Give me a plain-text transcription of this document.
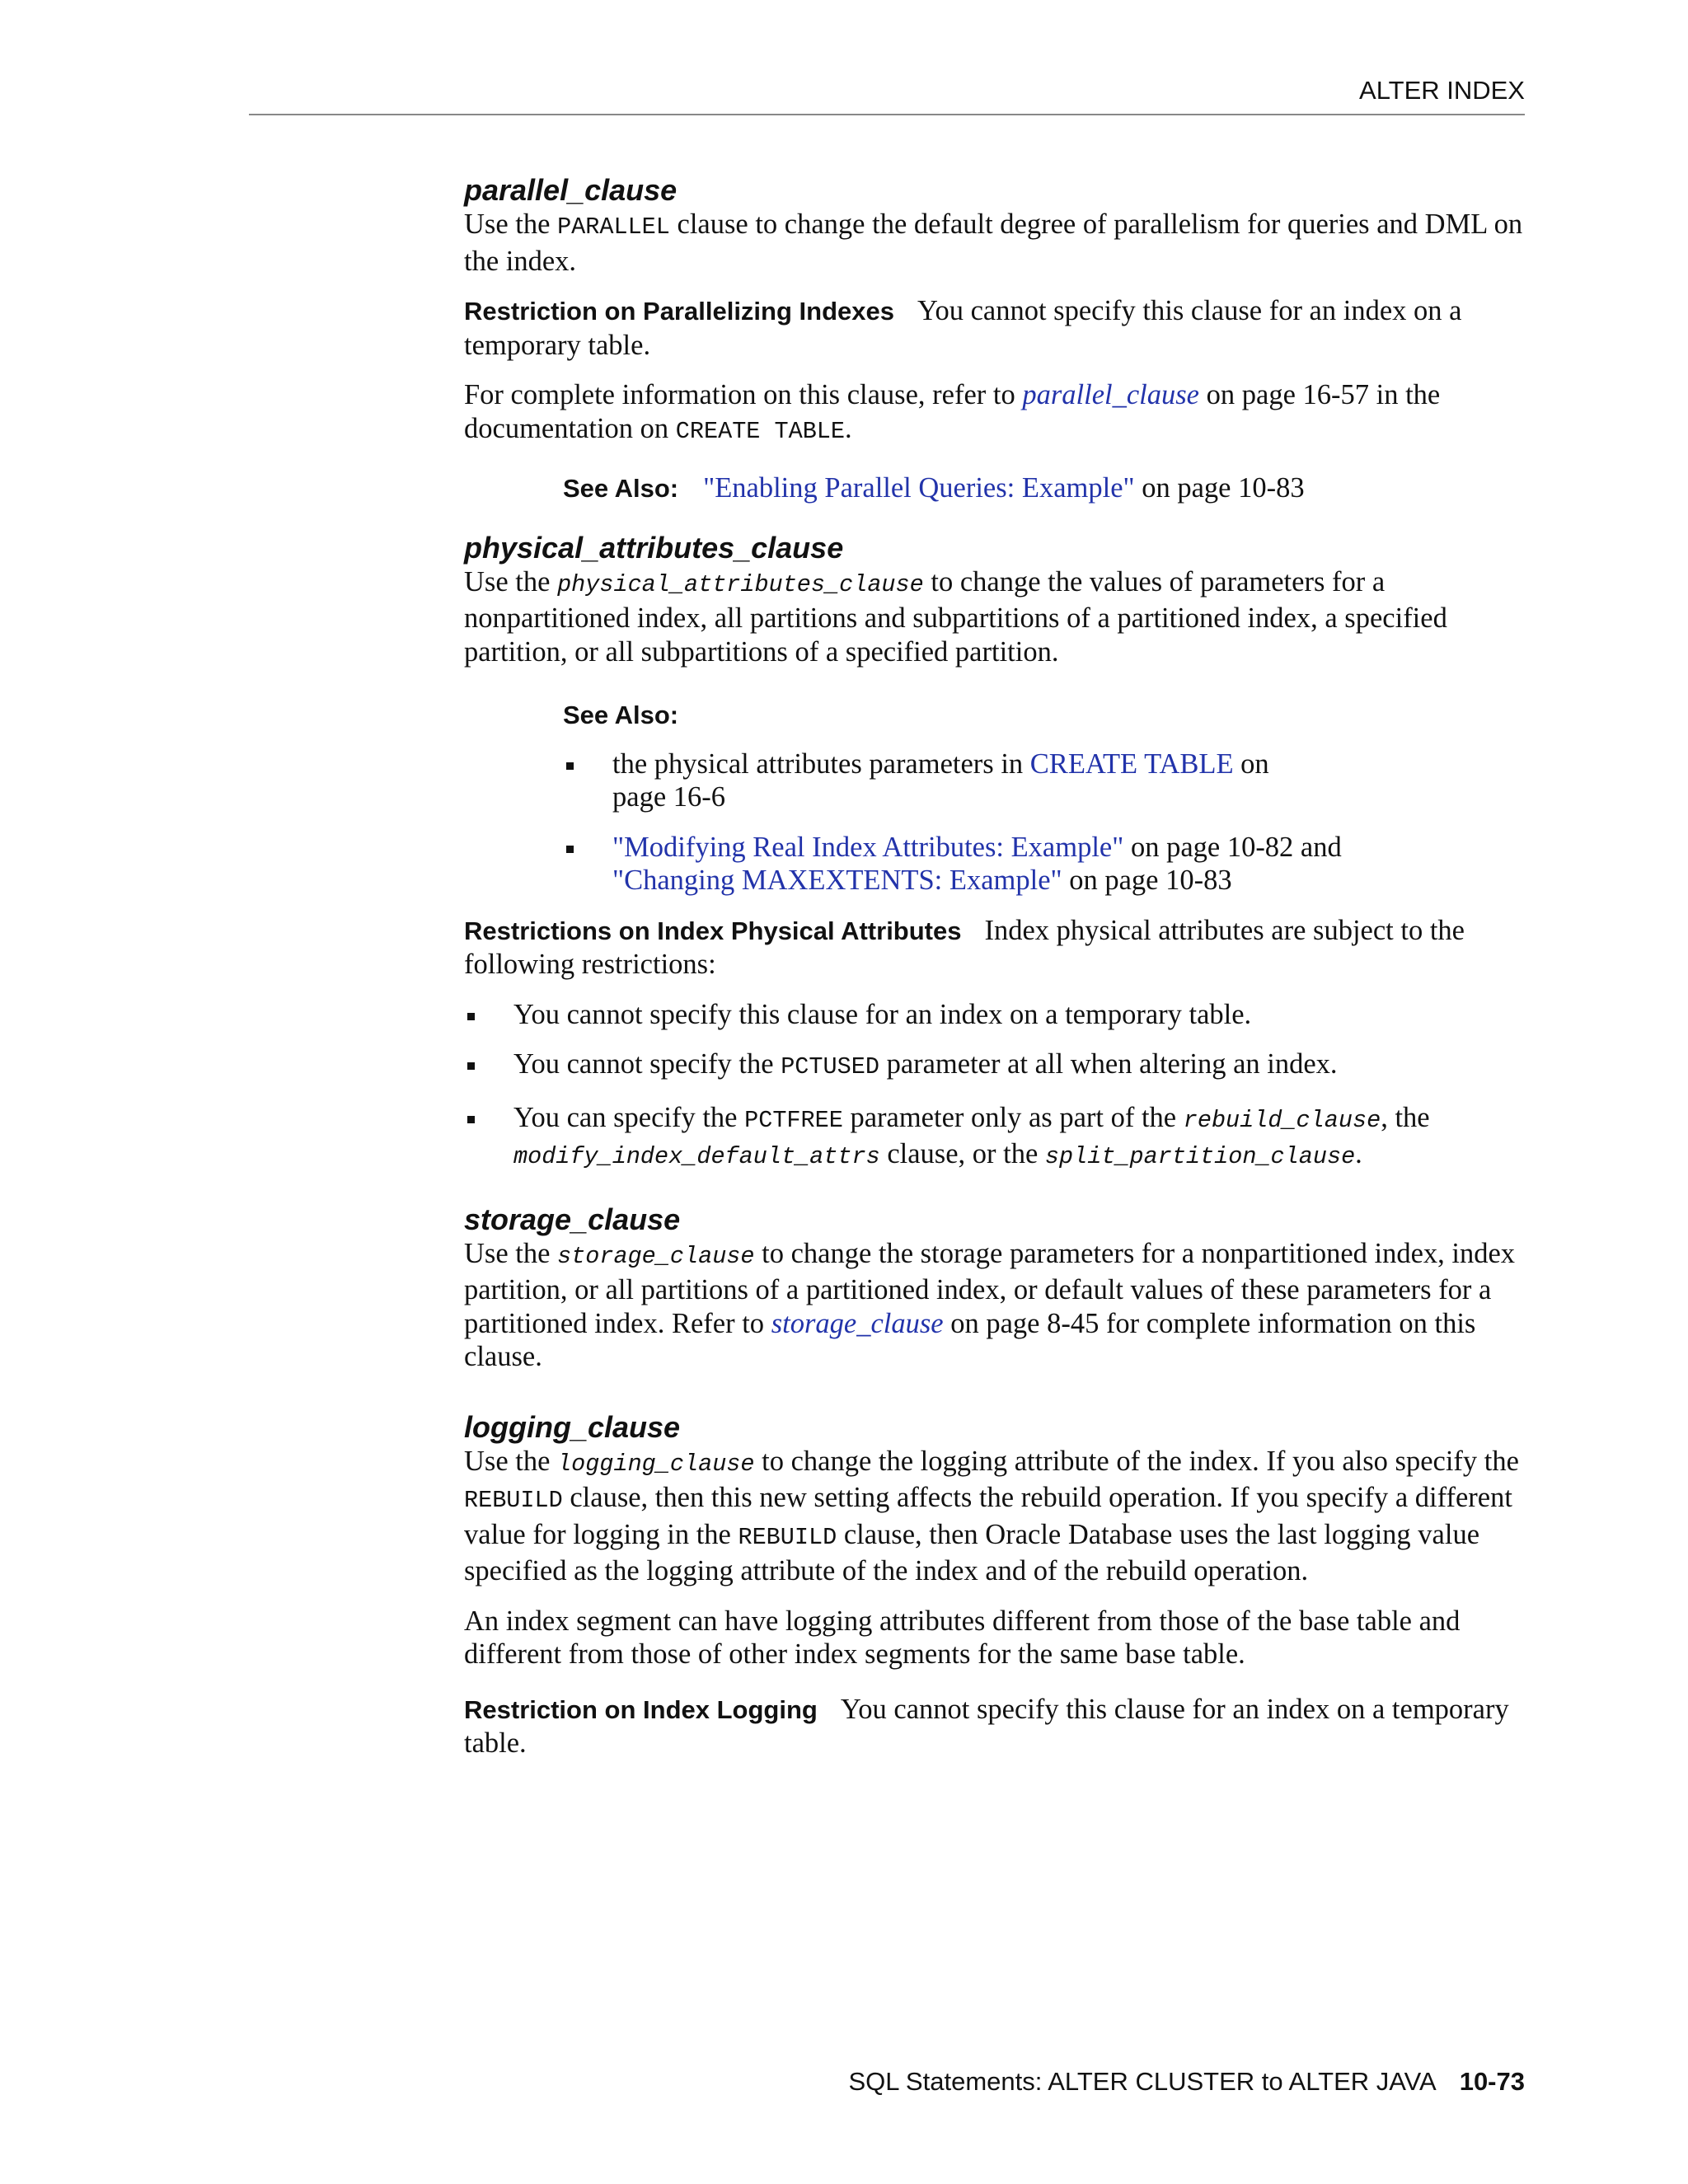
ALTER INDEX
parallel_clause

Use the PARALLEL clause to change the default degree of parallelism for queries and DML on the index.

Restriction on Parallelizing Indexes You cannot specify this clause for an index on a temporary table.

For complete information on this clause, refer to parallel_clause on page 16-57 in the documentation on CREATE TABLE.

See Also: "Enabling Parallel Queries: Example" on page 10-83

physical_attributes_clause

Use the physical_attributes_clause to change the values of parameters for a nonpartitioned index, all partitions and subpartitions of a partitioned index, a specified partition, or all subpartitions of a specified partition.

See Also:

the physical attributes parameters in CREATE TABLE on page 16-6
"Modifying Real Index Attributes: Example" on page 10-82 and
"Changing MAXEXTENTS: Example" on page 10-83

Restrictions on Index Physical Attributes Index physical attributes are subject to the following restrictions:

You cannot specify this clause for an index on a temporary table.
You cannot specify the PCTUSED parameter at all when altering an index.
You can specify the PCTFREE parameter only as part of the rebuild_clause, the modify_index_default_attrs clause, or the split_partition_clause.
storage_clause

Use the storage_clause to change the storage parameters for a nonpartitioned index, index partition, or all partitions of a partitioned index, or default values of these parameters for a partitioned index. Refer to storage_clause on page 8-45 for complete information on this clause.

logging_clause

Use the logging_clause to change the logging attribute of the index. If you also specify the REBUILD clause, then this new setting affects the rebuild operation. If you specify a different value for logging in the REBUILD clause, then Oracle Database uses the last logging value specified as the logging attribute of the index and of the rebuild operation.

An index segment can have logging attributes different from those of the base table and different from those of other index segments for the same base table.

Restriction on Index Logging You cannot specify this clause for an index on a temporary table.

SQL Statements: ALTER CLUSTER to ALTER JAVA 10-73
